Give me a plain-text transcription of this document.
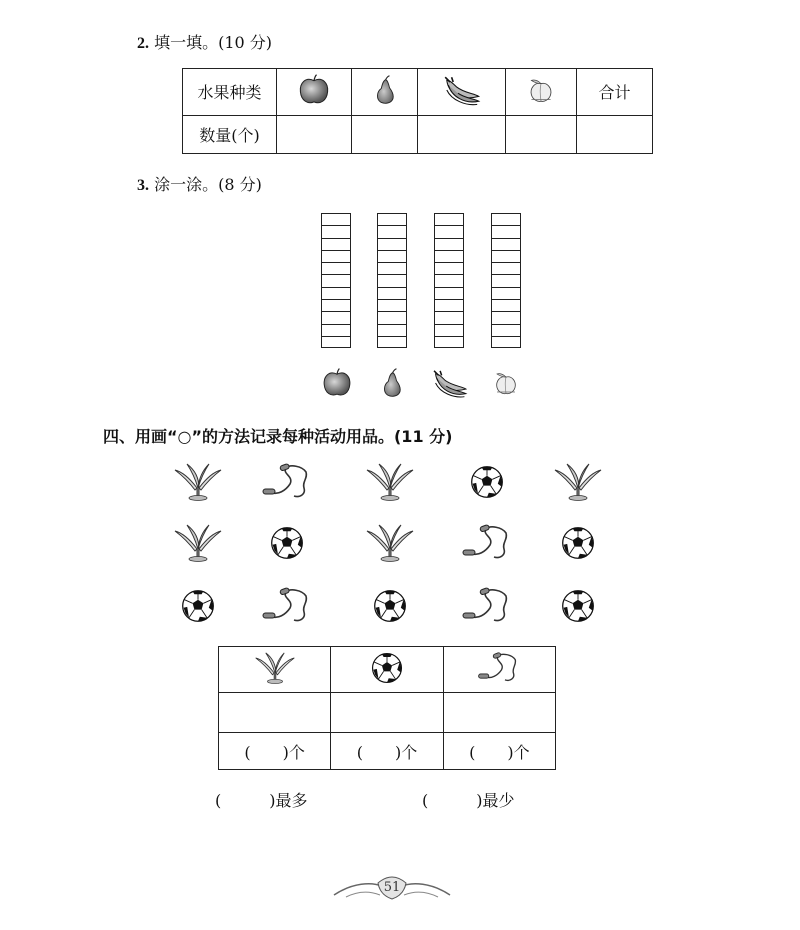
2. 填一填。(10 分)
水果种类					合计
数量(个)					
3. 涂一涂。(8 分)
四、用画“○”的方法记录每种活动用品。(11 分)

(　　)个	(　　)个	(　　)个
(　　　)最多	(　　　)最少
51
